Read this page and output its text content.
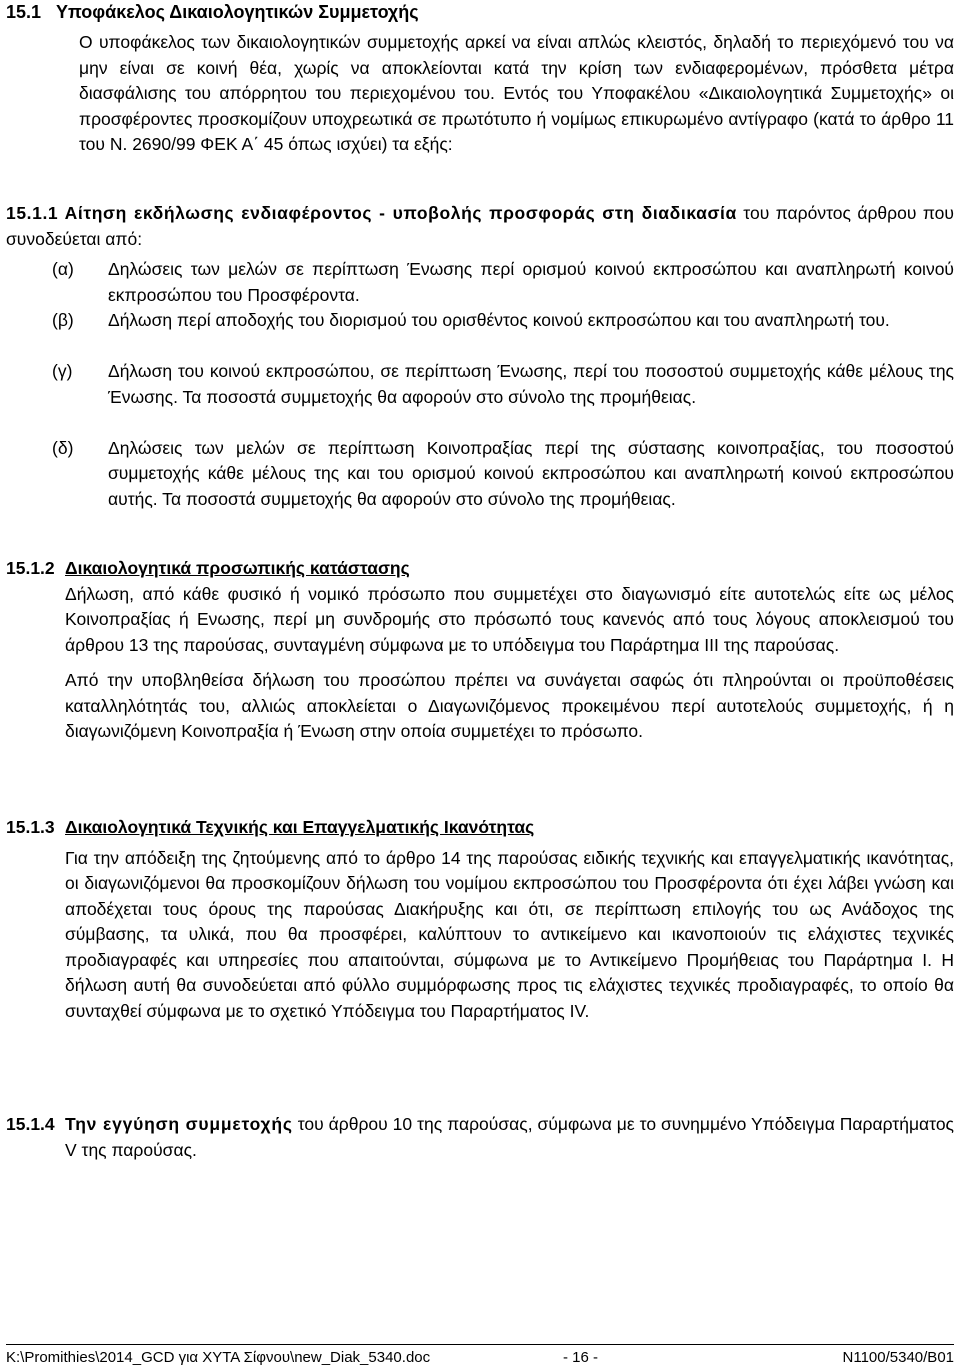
15.1 Υποφάκελος Δικαιολογητικών Συμμετοχής
Ο υποφάκελος των δικαιολογητικών συμμετοχής αρκεί να είναι απλώς κλειστός, δηλαδή το περιεχόμενό του να μην είναι σε κοινή θέα, χωρίς να αποκλείονται κατά την κρίση των ενδιαφερομένων, πρόσθετα μέτρα διασφάλισης του απόρρητου του περιεχομένου του. Εντός του Υποφακέλου «Δικαιολογητικά Συμμετοχής» οι προσφέροντες προσκομίζουν υποχρεωτικά σε πρωτότυπο ή νομίμως επικυρωμένο αντίγραφο (κατά το άρθρο 11 του Ν. 2690/99 ΦΕΚ Α΄ 45 όπως ισχύει) τα εξής:
15.1.1 Αίτηση εκδήλωσης ενδιαφέροντος - υποβολής προσφοράς στη διαδικασία του παρόντος άρθρου που συνοδεύεται από:
(α) Δηλώσεις των μελών σε περίπτωση Ένωσης περί ορισμού κοινού εκπροσώπου και αναπληρωτή κοινού εκπροσώπου του Προσφέροντα.
(β) Δήλωση περί αποδοχής του διορισμού του ορισθέντος κοινού εκπροσώπου και του αναπληρωτή του.
(γ) Δήλωση του κοινού εκπροσώπου, σε περίπτωση Ένωσης, περί του ποσοστού συμμετοχής κάθε μέλους της Ένωσης. Τα ποσοστά συμμετοχής θα αφορούν στο σύνολο της προμήθειας.
(δ) Δηλώσεις των μελών σε περίπτωση Κοινοπραξίας περί της σύστασης κοινοπραξίας, του ποσοστού συμμετοχής κάθε μέλους της και του ορισμού κοινού εκπροσώπου και αναπληρωτή κοινού εκπροσώπου αυτής. Τα ποσοστά συμμετοχής θα αφορούν στο σύνολο της προμήθειας.
15.1.2 Δικαιολογητικά προσωπικής κατάστασης
Δήλωση, από κάθε φυσικό ή νομικό πρόσωπο που συμμετέχει στο διαγωνισμό είτε αυτοτελώς είτε ως μέλος Κοινοπραξίας ή Ενωσης, περί μη συνδρομής στο πρόσωπό τους κανενός από τους λόγους αποκλεισμού του άρθρου 13 της παρούσας, συνταγμένη σύμφωνα με το υπόδειγμα του Παράρτημα ΙΙΙ της παρούσας.
Από την υποβληθείσα δήλωση του προσώπου πρέπει να συνάγεται σαφώς ότι πληρούνται οι προϋποθέσεις καταλληλότητάς του, αλλιώς αποκλείεται ο Διαγωνιζόμενος προκειμένου περί αυτοτελούς συμμετοχής, ή η διαγωνιζόμενη Κοινοπραξία ή Ένωση στην οποία συμμετέχει το πρόσωπο.
15.1.3 Δικαιολογητικά Τεχνικής και Επαγγελματικής Ικανότητας
Για την απόδειξη της ζητούμενης από το άρθρο 14 της παρούσας ειδικής τεχνικής και επαγγελματικής ικανότητας, οι διαγωνιζόμενοι θα προσκομίζουν δήλωση του νομίμου εκπροσώπου του Προσφέροντα ότι έχει λάβει γνώση και αποδέχεται τους όρους της παρούσας Διακήρυξης και ότι, σε περίπτωση επιλογής του ως Ανάδοχος της σύμβασης, τα υλικά, που θα προσφέρει, καλύπτουν το αντικείμενο και ικανοποιούν τις ελάχιστες τεχνικές προδιαγραφές και υπηρεσίες που απαιτούνται, σύμφωνα με το Αντικείμενο Προμήθειας του Παράρτημα Ι. Η δήλωση αυτή θα συνοδεύεται από φύλλο συμμόρφωσης προς τις ελάχιστες τεχνικές προδιαγραφές, το οποίο θα συνταχθεί σύμφωνα με το σχετικό Υπόδειγμα του Παραρτήματος IV.
15.1.4 Την εγγύηση συμμετοχής του άρθρου 10 της παρούσας, σύμφωνα με το συνημμένο Υπόδειγμα Παραρτήματος V της παρούσας.
K:\Promithies\2014_GCD για ΧΥΤΑ Σίφνου\new_Diak_5340.doc	- 16 -	N1100/5340/B01
